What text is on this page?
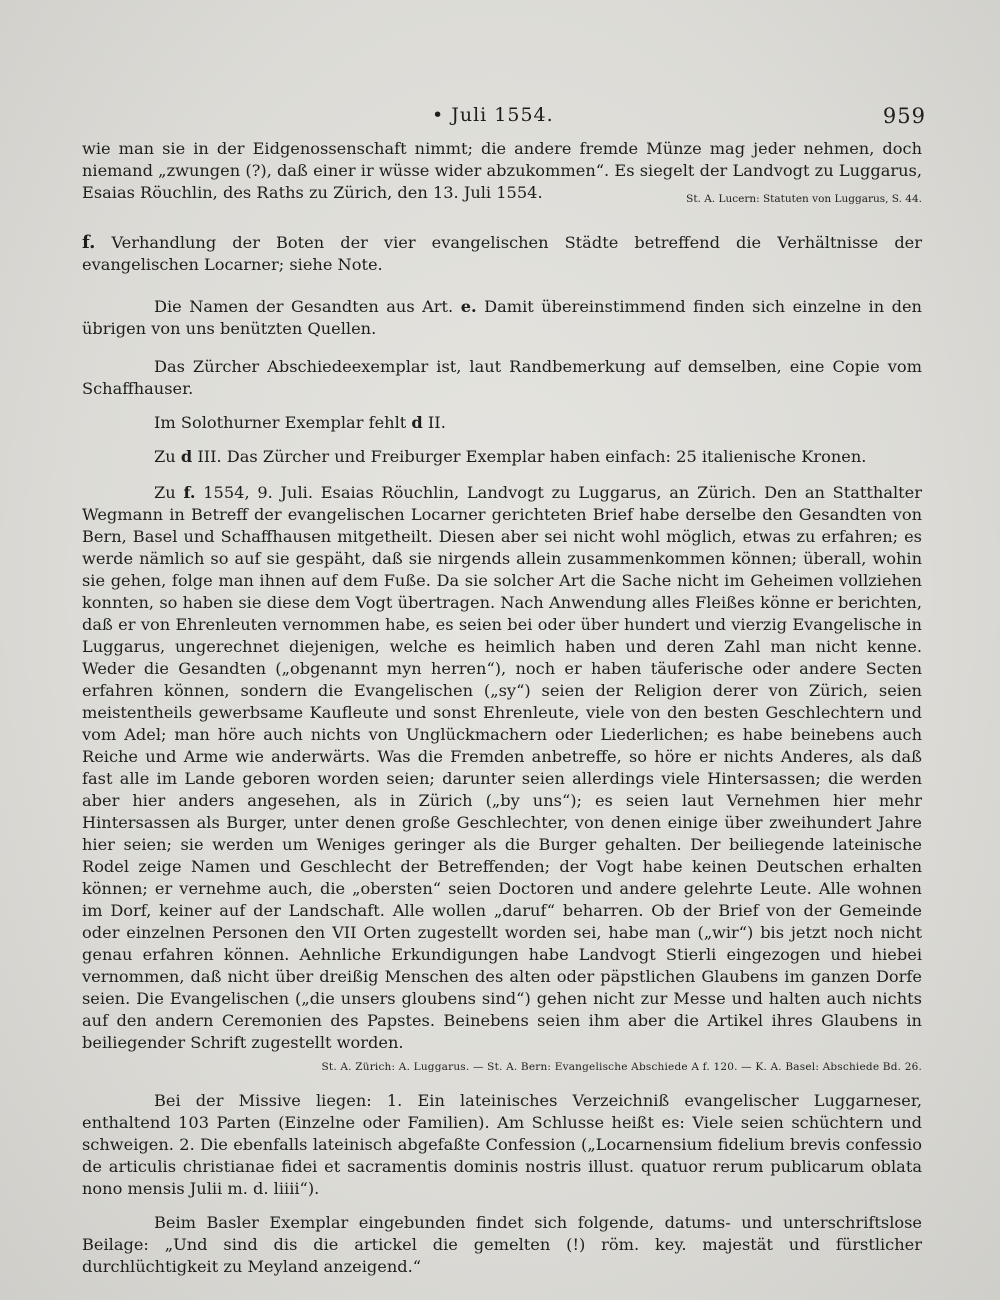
• Juli 1554.	959

wie man sie in der Eidgenossenschaft nimmt; die andere fremde Münze mag jeder nehmen, doch niemand „zwungen (?), daß einer ir wüsse wider abzukommen“. Es siegelt der Landvogt zu Luggarus, Esaias Röuchlin, des Raths zu Zürich, den 13. Juli 1554.	St. A. Lucern: Statuten von Luggarus, S. 44.

f. Verhandlung der Boten der vier evangelischen Städte betreffend die Verhältnisse der evangelischen Locarner; siehe Note.

Die Namen der Gesandten aus Art. e. Damit übereinstimmend finden sich einzelne in den übrigen von uns benützten Quellen.

Das Zürcher Abschiedeexemplar ist, laut Randbemerkung auf demselben, eine Copie vom Schaffhauser.

Im Solothurner Exemplar fehlt d II.

Zu d III. Das Zürcher und Freiburger Exemplar haben einfach: 25 italienische Kronen.

Zu f. 1554, 9. Juli. Esaias Röuchlin, Landvogt zu Luggarus, an Zürich. Den an Statthalter Wegmann in Betreff der evangelischen Locarner gerichteten Brief habe derselbe den Gesandten von Bern, Basel und Schaffhausen mitgetheilt. Diesen aber sei nicht wohl möglich, etwas zu erfahren; es werde nämlich so auf sie gespäht, daß sie nirgends allein zusammenkommen können; überall, wohin sie gehen, folge man ihnen auf dem Fuße. Da sie solcher Art die Sache nicht im Geheimen vollziehen konnten, so haben sie diese dem Vogt übertragen. Nach Anwendung alles Fleißes könne er berichten, daß er von Ehrenleuten vernommen habe, es seien bei oder über hundert und vierzig Evangelische in Luggarus, ungerechnet diejenigen, welche es heimlich haben und deren Zahl man nicht kenne. Weder die Gesandten („obgenannt myn herren“), noch er haben täuferische oder andere Secten erfahren können, sondern die Evangelischen („sy“) seien der Religion derer von Zürich, seien meistentheils gewerbsame Kaufleute und sonst Ehrenleute, viele von den besten Geschlechtern und vom Adel; man höre auch nichts von Unglückmachern oder Liederlichen; es habe beinebens auch Reiche und Arme wie anderwärts. Was die Fremden anbetreffe, so höre er nichts Anderes, als daß fast alle im Lande geboren worden seien; darunter seien allerdings viele Hintersassen; die werden aber hier anders angesehen, als in Zürich („by uns“); es seien laut Vernehmen hier mehr Hintersassen als Burger, unter denen große Geschlechter, von denen einige über zweihundert Jahre hier seien; sie werden um Weniges geringer als die Burger gehalten. Der beiliegende lateinische Rodel zeige Namen und Geschlecht der Betreffenden; der Vogt habe keinen Deutschen erhalten können; er vernehme auch, die „obersten“ seien Doctoren und andere gelehrte Leute. Alle wohnen im Dorf, keiner auf der Landschaft. Alle wollen „daruf“ beharren. Ob der Brief von der Gemeinde oder einzelnen Personen den VII Orten zugestellt worden sei, habe man („wir“) bis jetzt noch nicht genau erfahren können. Aehnliche Erkundigungen habe Landvogt Stierli eingezogen und hiebei vernommen, daß nicht über dreißig Menschen des alten oder päpstlichen Glaubens im ganzen Dorfe seien. Die Evangelischen („die unsers gloubens sind“) gehen nicht zur Messe und halten auch nichts auf den andern Ceremonien des Papstes. Beinebens seien ihm aber die Artikel ihres Glaubens in beiliegender Schrift zugestellt worden.

St. A. Zürich: A. Luggarus. — St. A. Bern: Evangelische Abschiede A f. 120. — K. A. Basel: Abschiede Bd. 26.

Bei der Missive liegen: 1. Ein lateinisches Verzeichniß evangelischer Luggarneser, enthaltend 103 Parten (Einzelne oder Familien). Am Schlusse heißt es: Viele seien schüchtern und schweigen. 2. Die ebenfalls lateinisch abgefaßte Confession („Locarnensium fidelium brevis confessio de articulis christianae fidei et sacramentis dominis nostris illust. quatuor rerum publicarum oblata nono mensis Julii m. d. liiii“).

Beim Basler Exemplar eingebunden findet sich folgende, datums- und unterschriftslose Beilage: „Und sind dis die artickel die gemelten (!) röm. key. majestät und fürstlicher durchlüchtigkeit zu Meyland anzeigend.“
